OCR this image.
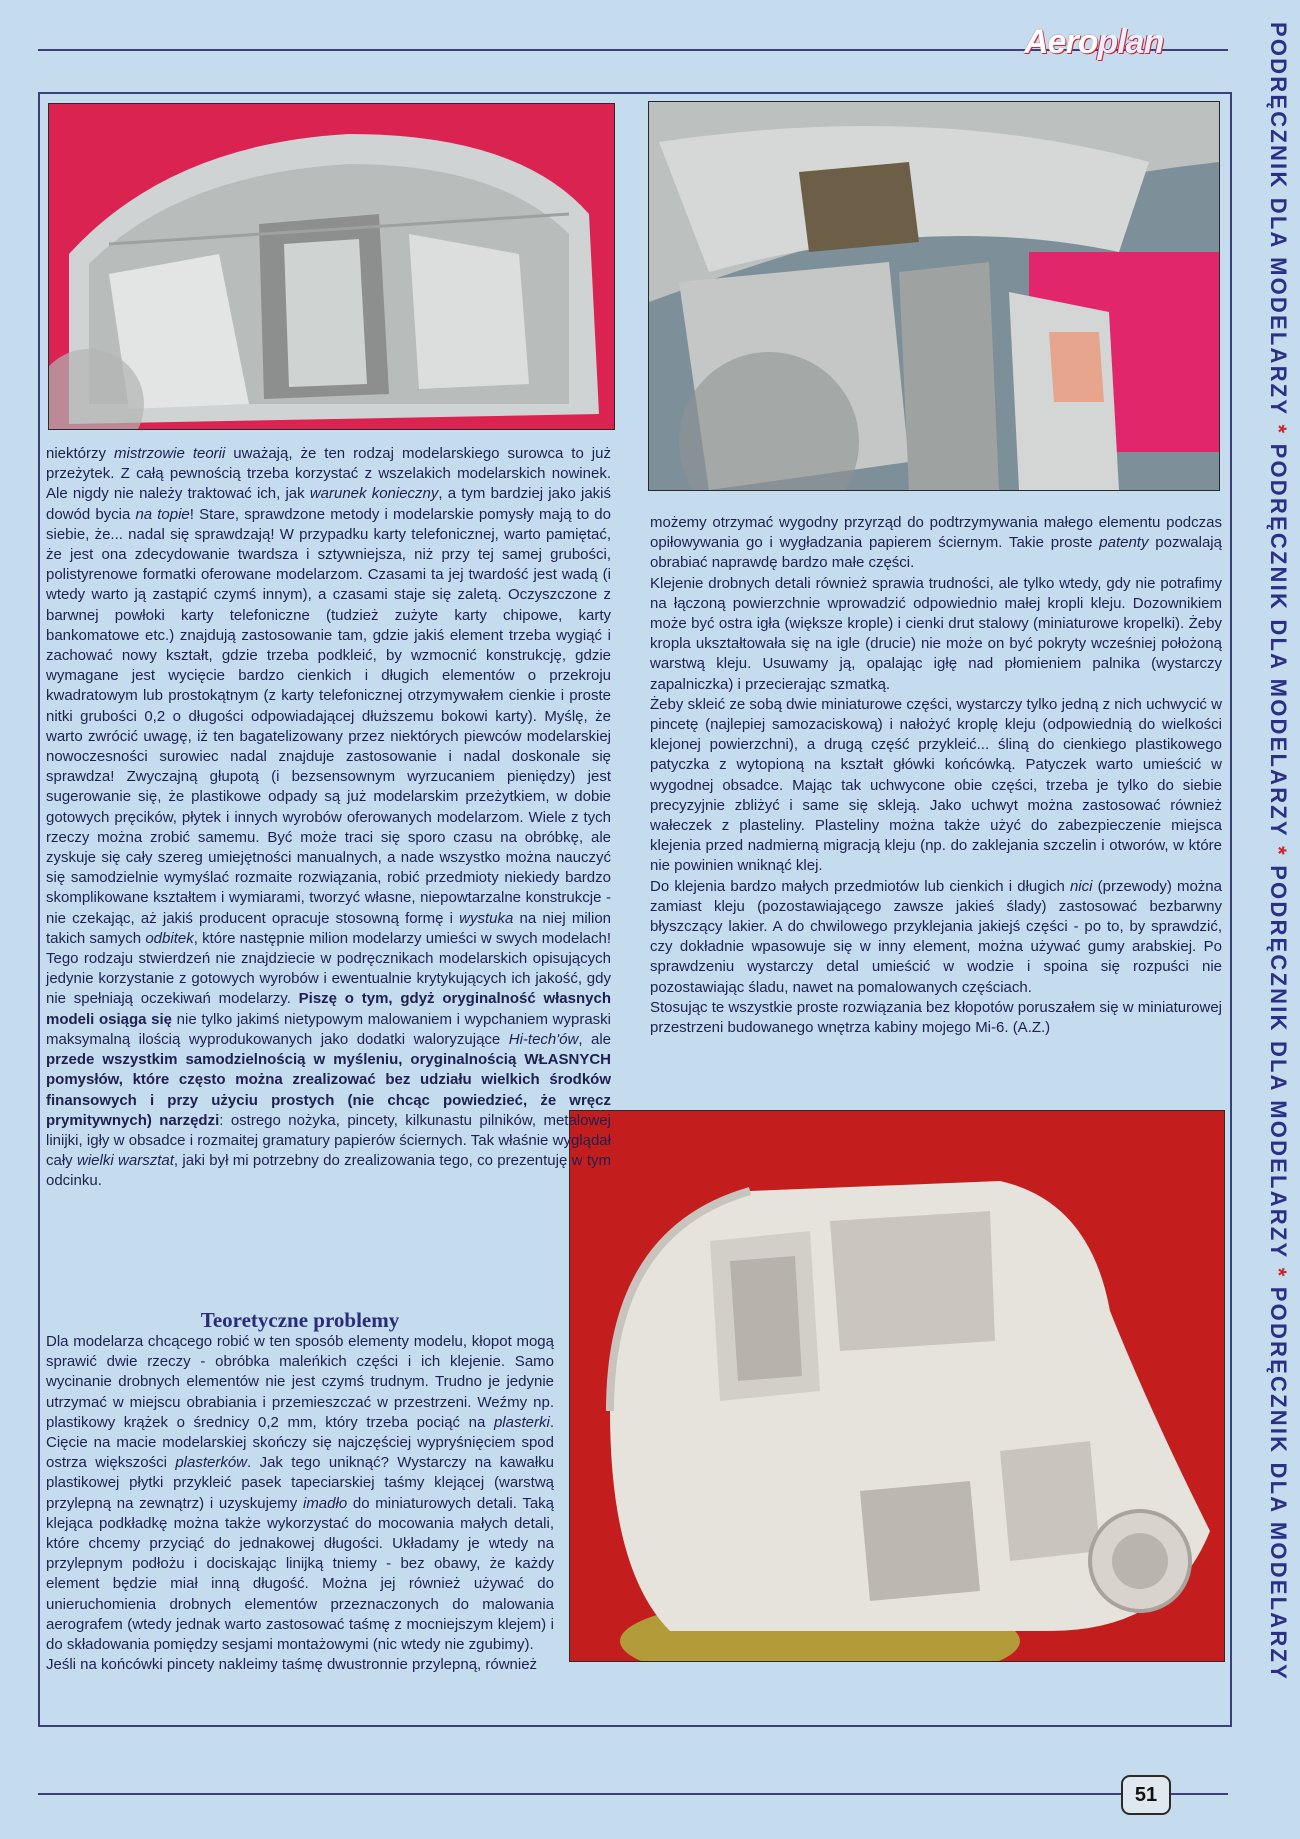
Aeroplan	PODRĘCZNIK DLA MODELARZY * PODRĘCZNIK DLA MODELARZY * PODRĘCZNIK DLA MODELARZY * PODRĘCZNIK DLA MODELARZY

niektórzy mistrzowie teorii uważają, że ten rodzaj modelarskiego surowca to już przeżytek. Z całą pewnością trzeba korzystać z wszelakich modelarskich nowinek. Ale nigdy nie należy traktować ich, jak warunek konieczny, a tym bardziej jako jakiś dowód bycia na topie! Stare, sprawdzone metody i modelarskie pomysły mają to do siebie, że... nadal się sprawdzają! W przypadku karty telefonicznej, warto pamiętać, że jest ona zdecydowanie twardsza i sztywniejsza, niż przy tej samej grubości, polistyrenowe formatki oferowane modelarzom. Czasami ta jej twardość jest wadą (i wtedy warto ją zastąpić czymś innym), a czasami staje się zaletą. Oczyszczone z barwnej powłoki karty telefoniczne (tudzież zużyte karty chipowe, karty bankomatowe etc.) znajdują zastosowanie tam, gdzie jakiś element trzeba wygiąć i zachować nowy kształt, gdzie trzeba podkleić, by wzmocnić konstrukcję, gdzie wymagane jest wycięcie bardzo cienkich i długich elementów o przekroju kwadratowym lub prostokątnym (z karty telefonicznej otrzymywałem cienkie i proste nitki grubości 0,2 o długości odpowiadającej dłuższemu bokowi karty). Myślę, że warto zwrócić uwagę, iż ten bagatelizowany przez niektórych piewców modelarskiej nowoczesności surowiec nadal znajduje zastosowanie i nadal doskonale się sprawdza! Zwyczajną głupotą (i bezsensownym wyrzucaniem pieniędzy) jest sugerowanie się, że plastikowe odpady są już modelarskim przeżytkiem, w dobie gotowych pręcików, płytek i innych wyrobów oferowanych modelarzom. Wiele z tych rzeczy można zrobić samemu. Być może traci się sporo czasu na obróbkę, ale zyskuje się cały szereg umiejętności manualnych, a nade wszystko można nauczyć się samodzielnie wymyślać rozmaite rozwiązania, robić przedmioty niekiedy bardzo skomplikowane kształtem i wymiarami, tworzyć własne, niepowtarzalne konstrukcje - nie czekając, aż jakiś producent opracuje stosowną formę i wystuka na niej milion takich samych odbitek, które następnie milion modelarzy umieści w swych modelach! Tego rodzaju stwierdzeń nie znajdziecie w podręcznikach modelarskich opisujących jedynie korzystanie z gotowych wyrobów i ewentualnie krytykujących ich jakość, gdy nie spełniają oczekiwań modelarzy. Piszę o tym, gdyż oryginalność własnych modeli osiąga się nie tylko jakimś nietypowym malowaniem i wypchaniem wypraski maksymalną ilością wyprodukowanych jako dodatki waloryzujące Hi-tech'ów, ale przede wszystkim samodzielnością w myśleniu, oryginalnością WŁASNYCH pomysłów, które często można zrealizować bez udziału wielkich środków finansowych i przy użyciu prostych (nie chcąc powiedzieć, że wręcz prymitywnych) narzędzi: ostrego nożyka, pincety, kilkunastu pilników, metalowej linijki, igły w obsadce i rozmaitej gramatury papierów ściernych. Tak właśnie wyglądał cały wielki warsztat, jaki był mi potrzebny do zrealizowania tego, co prezentuję w tym odcinku.

Teoretyczne problemy

Dla modelarza chcącego robić w ten sposób elementy modelu, kłopot mogą sprawić dwie rzeczy - obróbka maleńkich części i ich klejenie. Samo wycinanie drobnych elementów nie jest czymś trudnym. Trudno je jedynie utrzymać w miejscu obrabiania i przemieszczać w przestrzeni. Weźmy np. plastikowy krążek o średnicy 0,2 mm, który trzeba pociąć na plasterki. Cięcie na macie modelarskiej skończy się najczęściej wypryśnięciem spod ostrza większości plasterków. Jak tego uniknąć? Wystarczy na kawałku plastikowej płytki przykleić pasek tapeciarskiej taśmy klejącej (warstwą przylepną na zewnątrz) i uzyskujemy imadło do miniaturowych detali. Taką klejąca podkładkę można także wykorzystać do mocowania małych detali, które chcemy przyciąć do jednakowej długości. Układamy je wtedy na przylepnym podłożu i dociskając linijką tniemy - bez obawy, że każdy element będzie miał inną długość. Można jej również używać do unieruchomienia drobnych elementów przeznaczonych do malowania aerografem (wtedy jednak warto zastosować taśmę z mocniejszym klejem) i do składowania pomiędzy sesjami montażowymi (nic wtedy nie zgubimy).

Jeśli na końcówki pincety nakleimy taśmę dwustronnie przylepną, również

możemy otrzymać wygodny przyrząd do podtrzymywania małego elementu podczas opiłowywania go i wygładzania papierem ściernym. Takie proste patenty pozwalają obrabiać naprawdę bardzo małe części.

Klejenie drobnych detali również sprawia trudności, ale tylko wtedy, gdy nie potrafimy na łączoną powierzchnie wprowadzić odpowiednio małej kropli kleju. Dozownikiem może być ostra igła (większe krople) i cienki drut stalowy (miniaturowe kropelki). Żeby kropla ukształtowała się na igle (drucie) nie może on być pokryty wcześniej położoną warstwą kleju. Usuwamy ją, opalając igłę nad płomieniem palnika (wystarczy zapalniczka) i przecierając szmatką.

Żeby skleić ze sobą dwie miniaturowe części, wystarczy tylko jedną z nich uchwycić w pincetę (najlepiej samozaciskową) i nałożyć kroplę kleju (odpowiednią do wielkości klejonej powierzchni), a drugą część przykleić... śliną do cienkiego plastikowego patyczka z wytopioną na kształt główki końcówką. Patyczek warto umieścić w wygodnej obsadce. Mając tak uchwycone obie części, trzeba je tylko do siebie precyzyjnie zbliżyć i same się skleją. Jako uchwyt można zastosować również wałeczek z plasteliny. Plasteliny można także użyć do zabezpieczenie miejsca klejenia przed nadmierną migracją kleju (np. do zaklejania szczelin i otworów, w które nie powinien wniknąć klej.

Do klejenia bardzo małych przedmiotów lub cienkich i długich nici (przewody) można zamiast kleju (pozostawiającego zawsze jakieś ślady) zastosować bezbarwny błyszczący lakier. A do chwilowego przyklejania jakiejś części - po to, by sprawdzić, czy dokładnie wpasowuje się w inny element, można używać gumy arabskiej. Po sprawdzeniu wystarczy detal umieścić w wodzie i spoina się rozpuści nie pozostawiając śladu, nawet na pomalowanych częściach.

Stosując te wszystkie proste rozwiązania bez kłopotów poruszałem się w miniaturowej przestrzeni budowanego wnętrza kabiny mojego Mi-6. (A.Z.)

51
